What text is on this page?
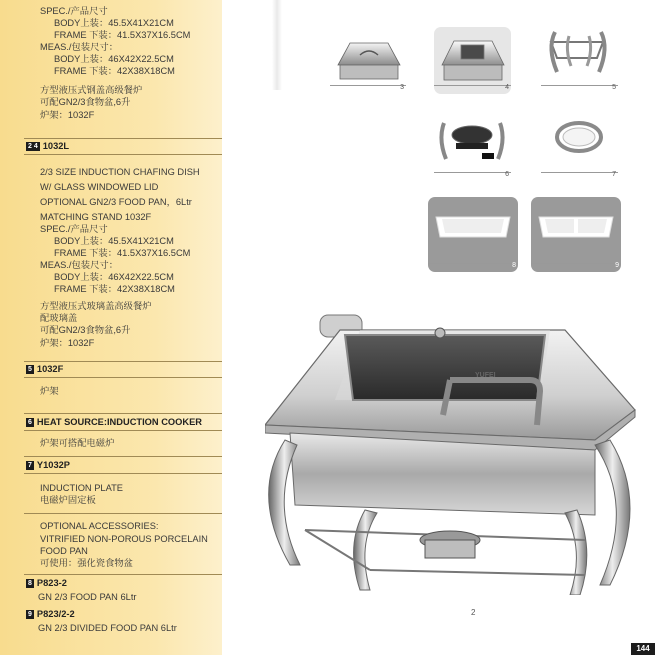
SPEC./产品尺寸
BODY上装：45.5X41X21CM
FRAME 下装：41.5X37X16.5CM
MEAS./包装尺寸：
BODY上装：46X42X22.5CM
FRAME 下装：42X38X18CM
方型液压式钢盖高级餐炉
可配GN2/3食物盆,6升
炉架：1032F
2 4 1032L
2/3 SIZE INDUCTION CHAFING DISH
W/ GLASS WINDOWED LID
OPTIONAL GN2/3 FOOD PAN，6Ltr
MATCHING STAND 1032F
SPEC./产品尺寸
BODY上装：45.5X41X21CM
FRAME 下装：41.5X37X16.5CM
MEAS./包装尺寸：
BODY上装：46X42X22.5CM
FRAME 下装：42X38X18CM
方型液压式玻璃盖高级餐炉
配玻璃盖
可配GN2/3食物盆,6升
炉架：1032F
5 1032F
炉架
6 HEAT SOURCE:INDUCTION COOKER
炉架可搭配电磁炉
7 Y1032P
INDUCTION PLATE
电磁炉固定板
OPTIONAL ACCESSORIES:
VITRIFIED NON-POROUS PORCELAIN
FOOD PAN
可使用：强化瓷食物盆
8 P823-2
GN 2/3 FOOD PAN 6Ltr
9 P823/2-2
GN 2/3 DIVIDED FOOD PAN 6Ltr
3	4	5
6	7
8	9
YUFEI
2
144
